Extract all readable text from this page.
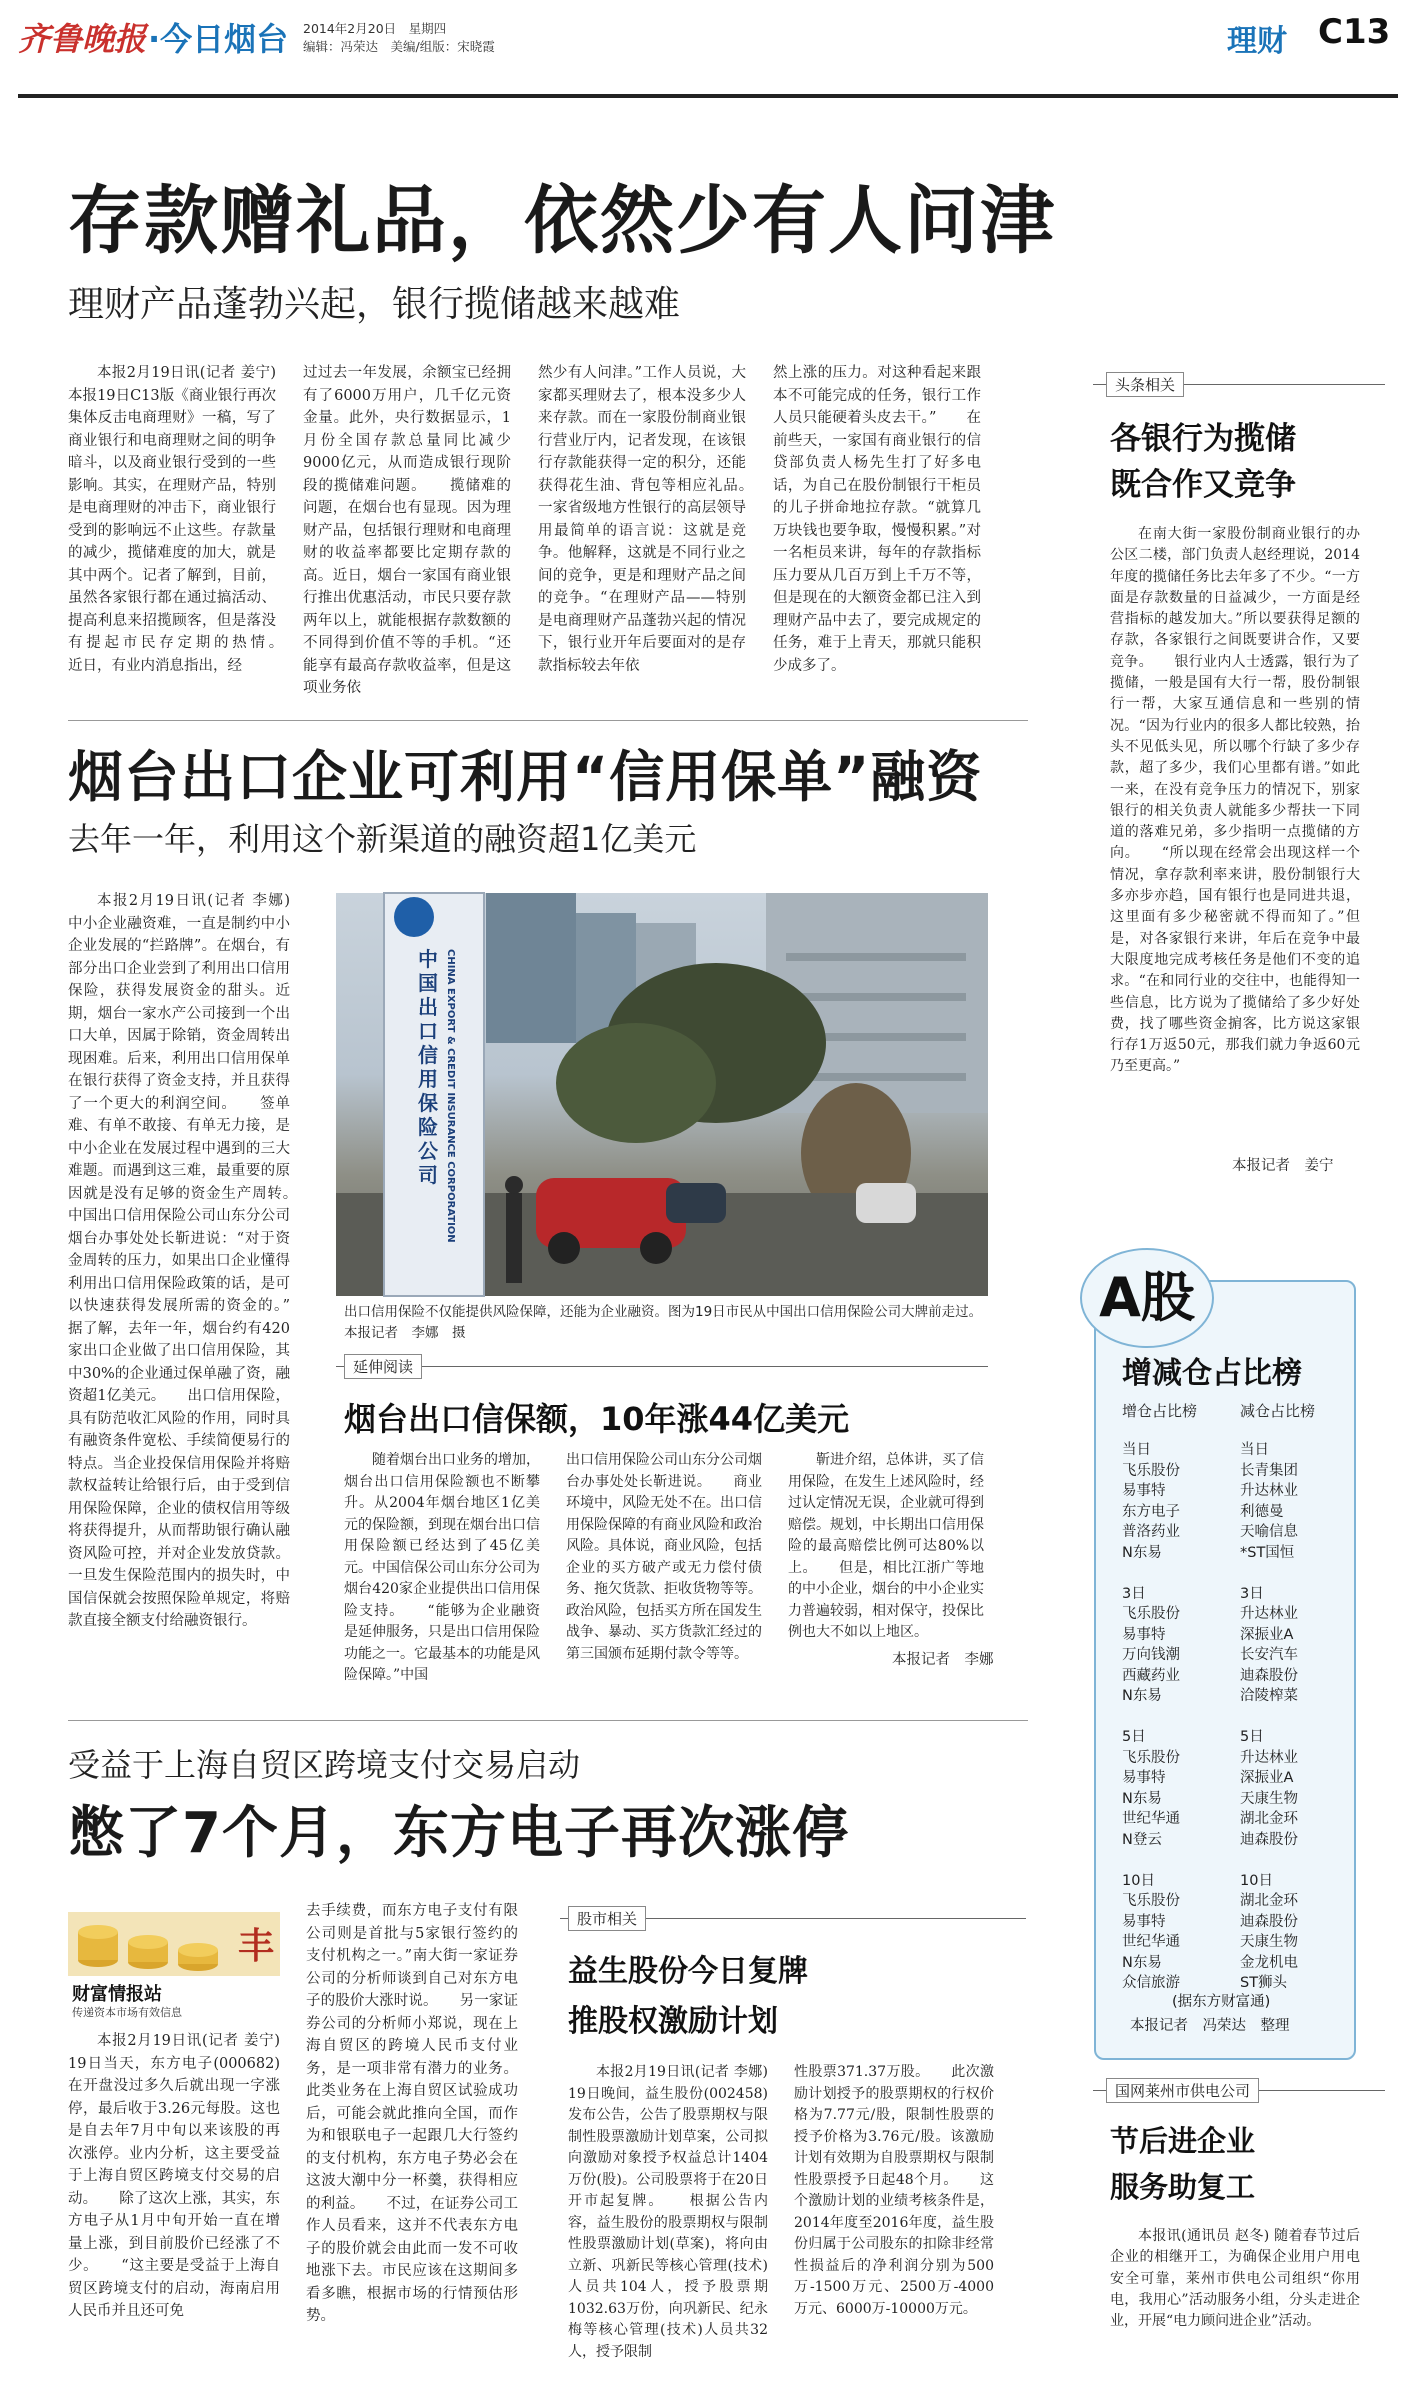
齐鲁晚报 ·今日烟台 2014年2月20日　星期四
编辑：冯荣达　美编/组版：宋晓霞	理财 C13
存款赠礼品，依然少有人问津
理财产品蓬勃兴起，银行揽储越来越难

本报2月19日讯(记者 姜宁) 本报19日C13版《商业银行再次集体反击电商理财》一稿，写了商业银行和电商理财之间的明争暗斗，以及商业银行受到的一些影响。其实，在理财产品，特别是电商理财的冲击下，商业银行受到的影响远不止这些。存款量的减少，揽储难度的加大，就是其中两个。记者了解到，目前，虽然各家银行都在通过搞活动、提高利息来招揽顾客，但是落没有提起市民存定期的热情。　　近日，有业内消息指出，经

过过去一年发展，余额宝已经拥有了6000万用户，几千亿元资金量。此外，央行数据显示，1月份全国存款总量同比减少9000亿元，从而造成银行现阶段的揽储难问题。　　揽储难的问题，在烟台也有显现。因为理财产品，包括银行理财和电商理财的收益率都要比定期存款的高。近日，烟台一家国有商业银行推出优惠活动，市民只要存款两年以上，就能根据存款数额的不同得到价值不等的手机。“还能享有最高存款收益率，但是这项业务依

然少有人问津。”工作人员说，大家都买理财去了，根本没多少人来存款。而在一家股份制商业银行营业厅内，记者发现，在该银行存款能获得一定的积分，还能获得花生油、背包等相应礼品。　　一家省级地方性银行的高层领导用最简单的语言说：这就是竞争。他解释，这就是不同行业之间的竞争，更是和理财产品之间的竞争。“在理财产品——特别是电商理财产品蓬勃兴起的情况下，银行业开年后要面对的是存款指标较去年依

然上涨的压力。对这种看起来跟本不可能完成的任务，银行工作人员只能硬着头皮去干。”　　在前些天，一家国有商业银行的信贷部负责人杨先生打了好多电话，为自己在股份制银行干柜员的儿子拼命地拉存款。“就算几万块钱也要争取，慢慢积累。”对一名柜员来讲，每年的存款指标压力要从几百万到上千万不等，但是现在的大额资金都已注入到理财产品中去了，要完成规定的任务，难于上青天，那就只能积少成多了。

头条相关
各银行为揽储
既合作又竞争

在南大街一家股份制商业银行的办公区二楼，部门负责人赵经理说，2014年度的揽储任务比去年多了不少。“一方面是存款数量的日益减少，一方面是经营指标的越发加大。”所以要获得足额的存款，各家银行之间既要讲合作，又要竞争。　　银行业内人士透露，银行为了揽储，一般是国有大行一帮，股份制银行一帮，大家互通信息和一些别的情况。“因为行业内的很多人都比较熟，抬头不见低头见，所以哪个行缺了多少存款，超了多少，我们心里都有谱。”如此一来，在没有竞争压力的情况下，别家银行的相关负责人就能多少帮扶一下同道的落难兄弟，多少指明一点揽储的方向。　　“所以现在经常会出现这样一个情况，拿存款利率来讲，股份制银行大多亦步亦趋，国有银行也是同进共退，这里面有多少秘密就不得而知了。”但是，对各家银行来讲，年后在竞争中最大限度地完成考核任务是他们不变的追求。“在和同行业的交往中，也能得知一些信息，比方说为了揽储给了多少好处费，找了哪些资金掮客，比方说这家银行存1万返50元，那我们就力争返60元乃至更高。”

本报记者　姜宁
烟台出口企业可利用“信用保单”融资
去年一年，利用这个新渠道的融资超1亿美元

本报2月19日讯(记者 李娜) 中小企业融资难，一直是制约中小企业发展的“拦路牌”。在烟台，有部分出口企业尝到了利用出口信用保险，获得发展资金的甜头。近期，烟台一家水产公司接到一个出口大单，因属于除销，资金周转出现困难。后来，利用出口信用保单在银行获得了资金支持，并且获得了一个更大的利润空间。　　签单难、有单不敢接、有单无力接，是中小企业在发展过程中遇到的三大难题。而遇到这三难，最重要的原因就是没有足够的资金生产周转。　　中国出口信用保险公司山东分公司烟台办事处处长靳进说：“对于资金周转的压力，如果出口企业懂得利用出口信用保险政策的话，是可以快速获得发展所需的资金的。”　　据了解，去年一年，烟台约有420家出口企业做了出口信用保险，其中30%的企业通过保单融了资，融资超1亿美元。　　出口信用保险，具有防范收汇风险的作用，同时具有融资条件宽松、手续简便易行的特点。当企业投保信用保险并将赔款权益转让给银行后，由于受到信用保险保障，企业的债权信用等级将获得提升，从而帮助银行确认融资风险可控，并对企业发放贷款。一旦发生保险范围内的损失时，中国信保就会按照保险单规定，将赔款直接全额支付给融资银行。

中国出口信用保险公司 CHINA EXPORT & CREDIT INSURANCE CORPORATION
出口信用保险不仅能提供风险保障，还能为企业融资。图为19日市民从中国出口信用保险公司大牌前走过。　本报记者　李娜　摄
延伸阅读
烟台出口信保额，10年涨44亿美元

随着烟台出口业务的增加，烟台出口信用保险额也不断攀升。从2004年烟台地区1亿美元的保险额，到现在烟台出口信用保险额已经达到了45亿美元。中国信保公司山东分公司为烟台420家企业提供出口信用保险支持。　　“能够为企业融资是延伸服务，只是出口信用保险功能之一。它最基本的功能是风险保障。”中国

出口信用保险公司山东分公司烟台办事处处长靳进说。　　商业环境中，风险无处不在。出口信用保险保障的有商业风险和政治风险。具体说，商业风险，包括企业的买方破产或无力偿付债务、拖欠货款、拒收货物等等。政治风险，包括买方所在国发生战争、暴动、买方货款汇经过的第三国颁布延期付款令等等。

靳进介绍，总体讲，买了信用保险，在发生上述风险时，经过认定情况无误，企业就可得到赔偿。规划，中长期出口信用保险的最高赔偿比例可达80%以上。　　但是，相比江浙广等地的中小企业，烟台的中小企业实力普遍较弱，相对保守，投保比例也大不如以上地区。

本报记者　李娜
A股
增减仓占比榜
增仓占比榜	减仓占比榜
当日
飞乐股份
易事特
东方电子
普洛药业
N东易

3日
飞乐股份
易事特
万向钱潮
西藏药业
N东易

5日
飞乐股份
易事特
N东易
世纪华通
N登云

10日
飞乐股份
易事特
世纪华通
N东易
众信旅游
当日
长青集团
升达林业
利德曼
天喻信息
*ST国恒

3日
升达林业
深振业A
长安汽车
迪森股份
洽陵榨菜

5日
升达林业
深振业A
天康生物
湖北金环
迪森股份

10日
湖北金环
迪森股份
天康生物
金龙机电
ST狮头
(据东方财富通)
本报记者　冯荣达　整理
受益于上海自贸区跨境支付交易启动
憋了7个月，东方电子再次涨停
丰
财富情报站
传递资本市场有效信息

本报2月19日讯(记者 姜宁) 19日当天，东方电子(000682)在开盘没过多久后就出现一字涨停，最后收于3.26元每股。这也是自去年7月中旬以来该股的再次涨停。业内分析，这主要受益于上海自贸区跨境支付交易的启动。　　除了这次上涨，其实，东方电子从1月中旬开始一直在增量上涨，到目前股价已经涨了不少。　　“这主要是受益于上海自贸区跨境支付的启动，海南启用人民币并且还可免

去手续费，而东方电子支付有限公司则是首批与5家银行签约的支付机构之一。”南大街一家证券公司的分析师谈到自己对东方电子的股价大涨时说。　　另一家证券公司的分析师小郑说，现在上海自贸区的跨境人民币支付业务，是一项非常有潜力的业务。此类业务在上海自贸区试验成功后，可能会就此推向全国，而作为和银联电子一起跟几大行签约的支付机构，东方电子势必会在这波大潮中分一杯羹，获得相应的利益。　　不过，在证券公司工作人员看来，这并不代表东方电子的股价就会由此而一发不可收地涨下去。市民应该在这期间多看多瞧，根据市场的行情预估形势。

股市相关
益生股份今日复牌
推股权激励计划

本报2月19日讯(记者 李娜) 19日晚间，益生股份(002458)发布公告，公告了股票期权与限制性股票激励计划草案，公司拟向激励对象授予权益总计1404万份(股)。公司股票将于在20日开市起复牌。　　根据公告内容，益生股份的股票期权与限制性股票激励计划(草案)，将向由立新、巩新民等核心管理(技术)人员共104人，授予股票期1032.63万份，向巩新民、纪永梅等核心管理(技术)人员共32人，授予限制

性股票371.37万股。　　此次激励计划授予的股票期权的行权价格为7.77元/股，限制性股票的授予价格为3.76元/股。该激励计划有效期为自股票期权与限制性股票授予日起48个月。　　这个激励计划的业绩考核条件是，2014年度至2016年度，益生股份归属于公司股东的扣除非经常性损益后的净利润分别为500万-1500万元、2500万-4000万元、6000万-10000万元。

国网莱州市供电公司
节后进企业
服务助复工

本报讯(通讯员 赵冬) 随着春节过后企业的相继开工，为确保企业用户用电安全可靠，莱州市供电公司组织“你用电，我用心”活动服务小组，分头走进企业，开展“电力顾问进企业”活动。
